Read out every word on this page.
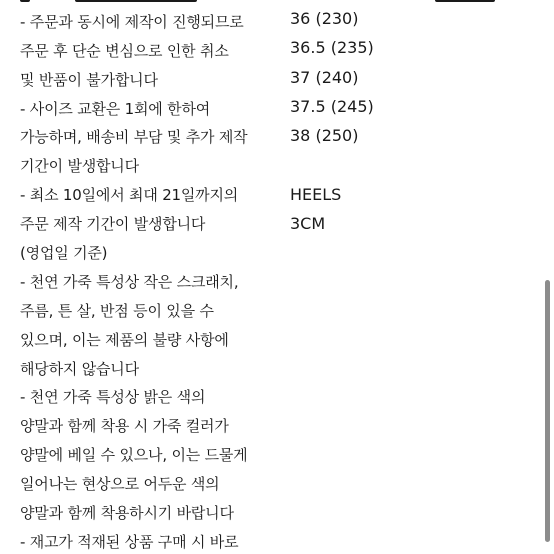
- 주문과 동시에 제작이 진행되므로
주문 후 단순 변심으로 인한 취소
및 반품이 불가합니다
- 사이즈 교환은 1회에 한하여
가능하며, 배송비 부담 및 추가 제작
기간이 발생합니다
- 최소 10일에서 최대 21일까지의
주문 제작 기간이 발생합니다
(영업일 기준)
- 천연 가죽 특성상 작은 스크래치,
주름, 튼 살, 반점 등이 있을 수
있으며, 이는 제품의 불량 사항에
해당하지 않습니다
- 천연 가죽 특성상 밝은 색의
양말과 함께 착용 시 가죽 컬러가
양말에 베일 수 있으나, 이는 드물게
일어나는 현상으로 어두운 색의
양말과 함께 착용하시기 바랍니다
- 재고가 적재된 상품 구매 시 바로
36 (230)
36.5 (235)
37 (240)
37.5 (245)
38 (250)
HEELS
3CM
